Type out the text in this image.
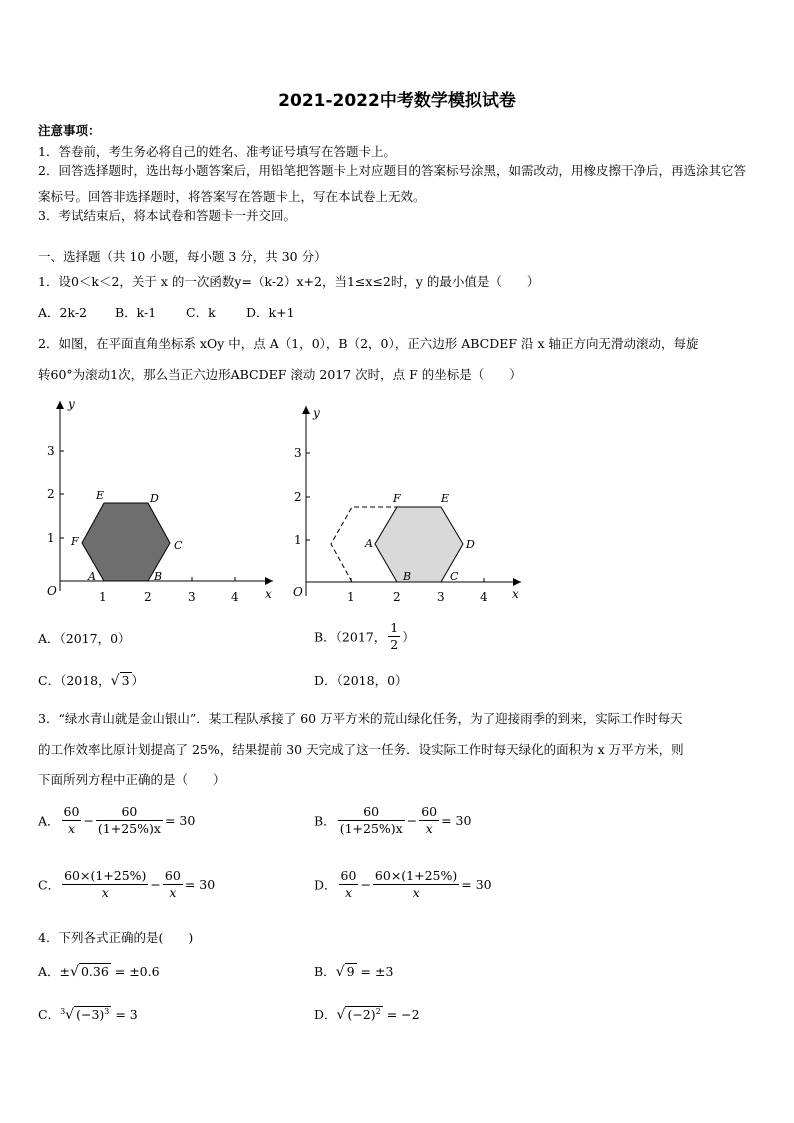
2021-2022中考数学模拟试卷
注意事项：
1．答卷前，考生务必将自己的姓名、准考证号填写在答题卡上。
2．回答选择题时，选出每小题答案后，用铅笔把答题卡上对应题目的答案标号涂黑，如需改动，用橡皮擦干净后，再选涂其它答案标号。回答非选择题时，将答案写在答题卡上，写在本试卷上无效。
3．考试结束后，将本试卷和答题卡一并交回。
一、选择题（共 10 小题，每小题 3 分，共 30 分）
1．设0＜k＜2，关于 x 的一次函数y=（k-2）x+2，当1≤x≤2时，y 的最小值是（　　）
A．2k-2 B．k-1 C．k D．k+1
2．如图，在平面直角坐标系 xOy 中，点 A（1，0），B（2，0），正六边形 ABCDEF 沿 x 轴正方向无滑动滚动，每旋
转60°为滚动1次，那么当正六边形ABCDEF 滚动 2017 次时，点 F 的坐标是（　　）
y
x
O	1	2	3	4
1
2
3
A	B
C
D
E
F
y
x
O	1	2	3	4
1
2
3
A
B	C
D
E
F
A．（2017，0）	B．（2017， $\frac{1}{2}$ ）
C．（2018，√ 3 ）	D．（2018，0）
3．“绿水青山就是金山银山”．某工程队承接了 60 万平方米的荒山绿化任务，为了迎接雨季的到来，实际工作时每天
的工作效率比原计划提高了 25%，结果提前 30 天完成了这一任务．设实际工作时每天绿化的面积为 x 万平方米，则
下面所列方程中正确的是（　　）
A． $\frac{60}{x} - \frac{60}{(1+25\%)x} = 30$	B． $\frac{60}{(1+25\%)x} - \frac{60}{x} = 30$
C． $\frac{60\times(1+25\%)}{x} - \frac{60}{x} = 30$	D． $\frac{60}{x} - \frac{60\times(1+25\%)}{x} = 30$
4．下列各式正确的是(　　)
A．±√ 0.36 = ±0.6	B．√ 9 = ±3
C．$^3$√ $(-3)^3 = 3$	D．√ $(-2)^2 = -2$
